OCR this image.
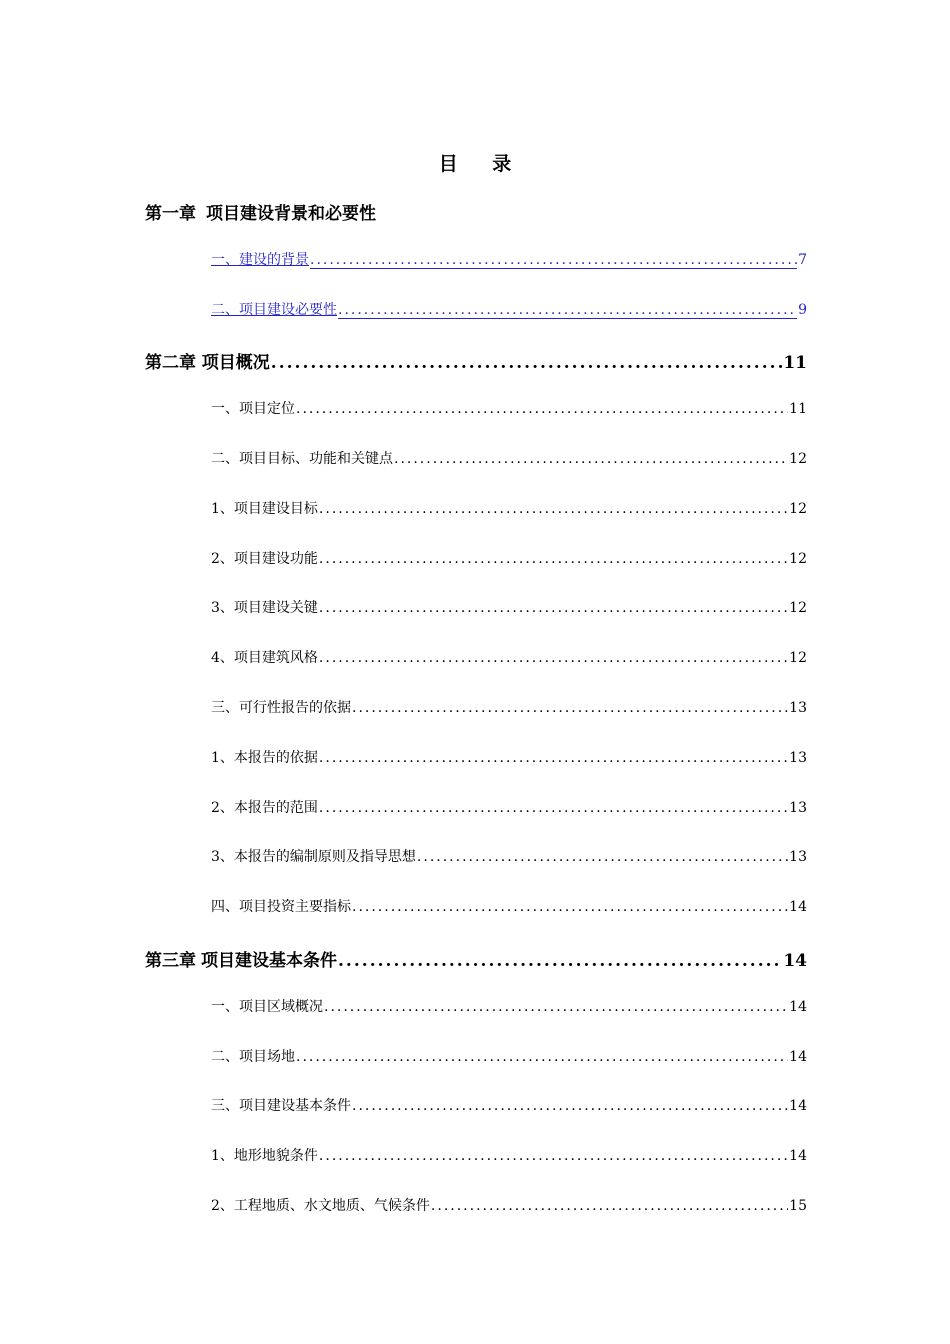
目 录
第一章 项目建设背景和必要性
一、建设的背景 .....	7
二、项目建设必要性 .....	9
第二章 项目概况 .....	11
一、项目定位 .....	11
二、项目目标、功能和关键点 .....	12
1、项目建设目标 .....	12
2、项目建设功能 .....	12
3、项目建设关键 .....	12
4、项目建筑风格 .....	12
三、可行性报告的依据 .....	13
1、本报告的依据 .....	13
2、本报告的范围 .....	13
3、本报告的编制原则及指导思想 .....	13
四、项目投资主要指标 .....	14
第三章 项目建设基本条件 .....	14
一、项目区域概况 .....	14
二、项目场地 .....	14
三、项目建设基本条件 .....	14
1、地形地貌条件 .....	14
2、工程地质、水文地质、气候条件 .....	15
